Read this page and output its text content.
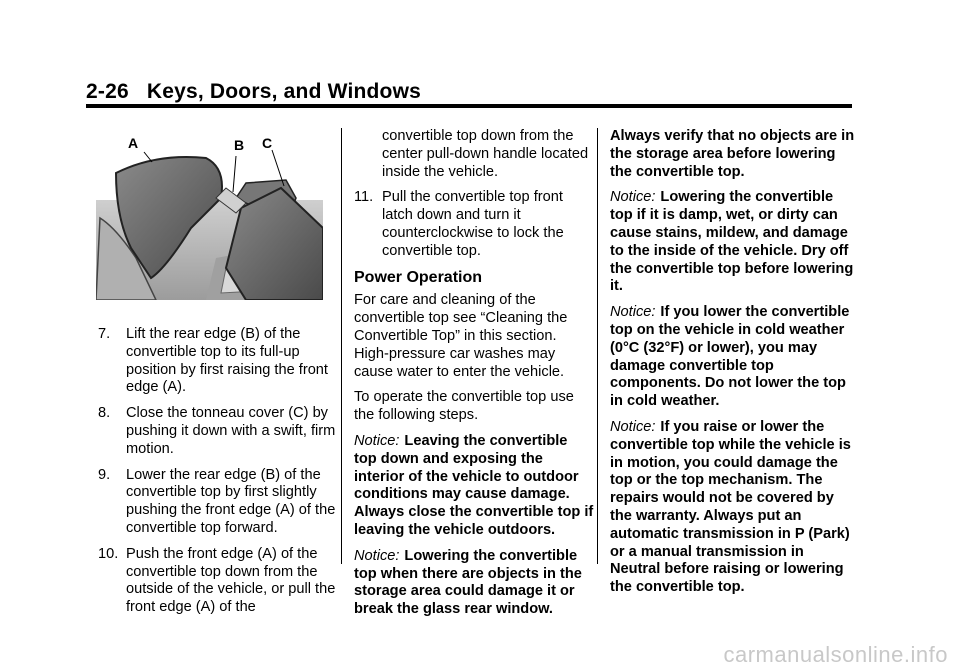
2-26 Keys, Doors, and Windows
A	B C
7. Lift the rear edge (B) of the convertible top to its full-up position by first raising the front edge (A).
8. Close the tonneau cover (C) by pushing it down with a swift, firm motion.
9. Lower the rear edge (B) of the convertible top by first slightly pushing the front edge (A) of the convertible top forward.
10. Push the front edge (A) of the convertible top down from the outside of the vehicle, or pull the front edge (A) of the
convertible top down from the center pull-down handle located inside the vehicle.
11. Pull the convertible top front latch down and turn it counterclockwise to lock the convertible top.
Power Operation

For care and cleaning of the convertible top see “Cleaning the Convertible Top” in this section. High-pressure car washes may cause water to enter the vehicle.

To operate the convertible top use the following steps.

Notice: Leaving the convertible top down and exposing the interior of the vehicle to outdoor conditions may cause damage. Always close the convertible top if leaving the vehicle outdoors.

Notice: Lowering the convertible top when there are objects in the storage area could damage it or break the glass rear window.

Always verify that no objects are in the storage area before lowering the convertible top.

Notice: Lowering the convertible top if it is damp, wet, or dirty can cause stains, mildew, and damage to the inside of the vehicle. Dry off the convertible top before lowering it.

Notice: If you lower the convertible top on the vehicle in cold weather (0°C (32°F) or lower), you may damage convertible top components. Do not lower the top in cold weather.

Notice: If you raise or lower the convertible top while the vehicle is in motion, you could damage the top or the top mechanism. The repairs would not be covered by the warranty. Always put an automatic transmission in P (Park) or a manual transmission in Neutral before raising or lowering the convertible top.

carmanualsonline.info
